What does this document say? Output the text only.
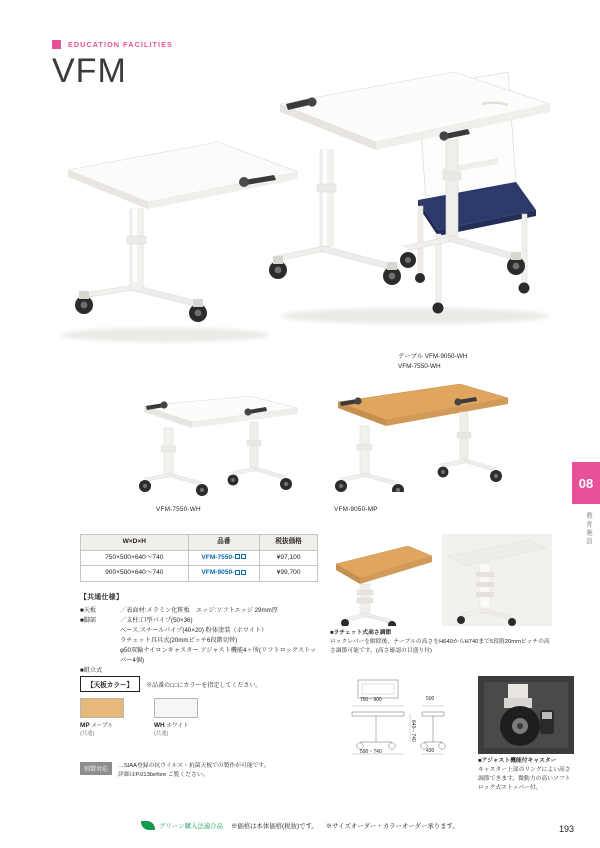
EDUCATION FACILITIES
VFM
テーブル VFM-9050-WH
VFM-7550-WH
VFM-7550-WH	VFM-9050-MP
08
教育施設
W×D×H	品番	税抜価格
750×500×640〜740	VFM-7550-	¥97,100
900×500×640〜740	VFM-9050-	¥99,700
【共通仕様】
■天板	／表面材:メラミン化粧板　エッジ:ソフトエッジ 29mm厚
■脚部	／支柱:口型パイプ(50×36)
ベース:スチールパイプ(40×20) 粉体塗装（ホワイト）
ラチェット具具式(20mmピッチ6段階切替)
φ50双輪ナイロンキャスター アジャスト機能4ヶ所(リフトロックストッパー4個)
■組立式
【天板カラー】	※品番の□□にカラーを指定してください。
MP メープル
(共通)
WH ホワイト
(共通)
別製対応
…SIAA登録の抗ウイルス・抗菌天板での製作が可能です。
詳細はP.013before ご覧ください。
■ラチェット式高さ調節
ロックレバーを解除後、テーブルの高さをH640からH740まで5段階20mmピッチの高さ調節可能です。(高さ確認の目盛り付)
■アジャスト機能付キャスター
キャスター上部のリングによい高さ調節できます。微動力の高いソフトロック式ストッパー付。
750・900	500
640〜740
590・740	430
グリーン購入法適合品 ※価格は本体価格(税抜)です。 ※サイズオーダー・カラーオーダー承ります。	193
